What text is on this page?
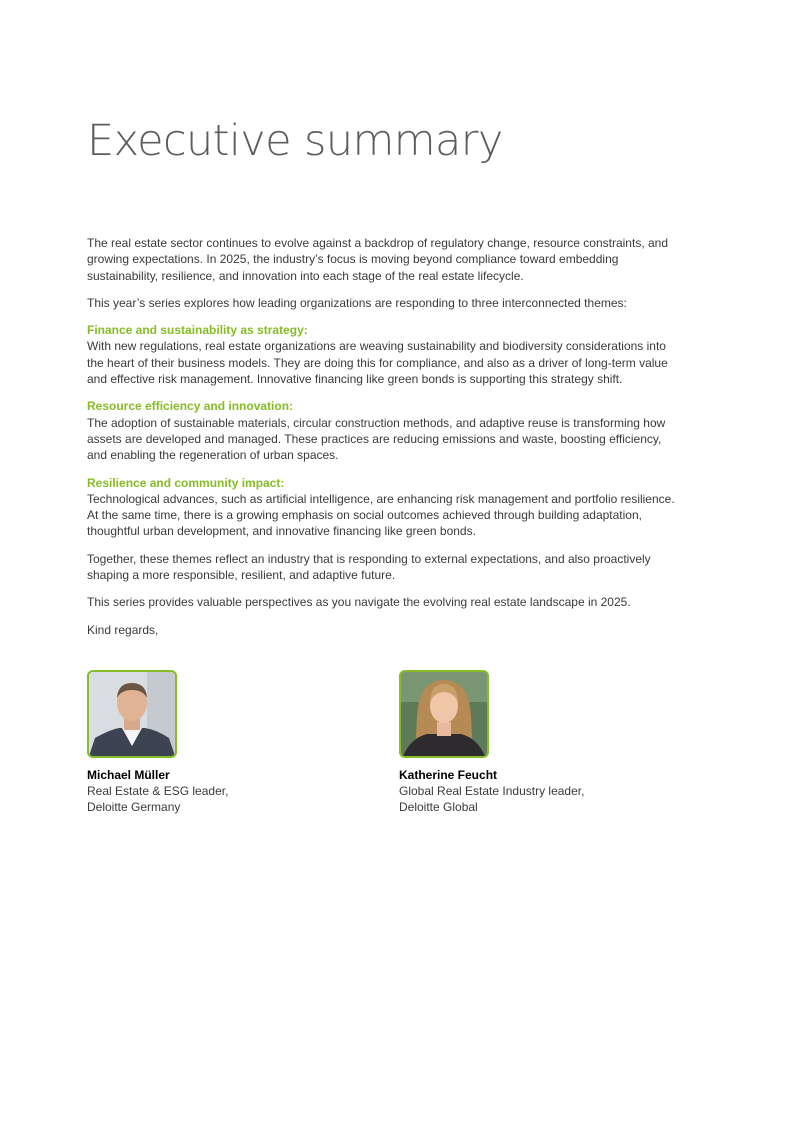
Executive summary

The real estate sector continues to evolve against a backdrop of regulatory change, resource constraints, and growing expectations. In 2025, the industry’s focus is moving beyond compliance toward embedding sustainability, resilience, and innovation into each stage of the real estate lifecycle.

This year’s series explores how leading organizations are responding to three interconnected themes:

Finance and sustainability as strategy:
With new regulations, real estate organizations are weaving sustainability and biodiversity considerations into the heart of their business models. They are doing this for compliance, and also as a driver of long-term value and effective risk management. Innovative financing like green bonds is supporting this strategy shift.
Resource efficiency and innovation:
The adoption of sustainable materials, circular construction methods, and adaptive reuse is transforming how assets are developed and managed. These practices are reducing emissions and waste, boosting efficiency, and enabling the regeneration of urban spaces.
Resilience and community impact:
Technological advances, such as artificial intelligence, are enhancing risk management and portfolio resilience. At the same time, there is a growing emphasis on social outcomes achieved through building adaptation, thoughtful urban development, and innovative financing like green bonds.

Together, these themes reflect an industry that is responding to external expectations, and also proactively shaping a more responsible, resilient, and adaptive future.

This series provides valuable perspectives as you navigate the evolving real estate landscape in 2025.

Kind regards,

Michael Müller
Real Estate & ESG leader,
Deloitte Germany
Katherine Feucht
Global Real Estate Industry leader,
Deloitte Global
